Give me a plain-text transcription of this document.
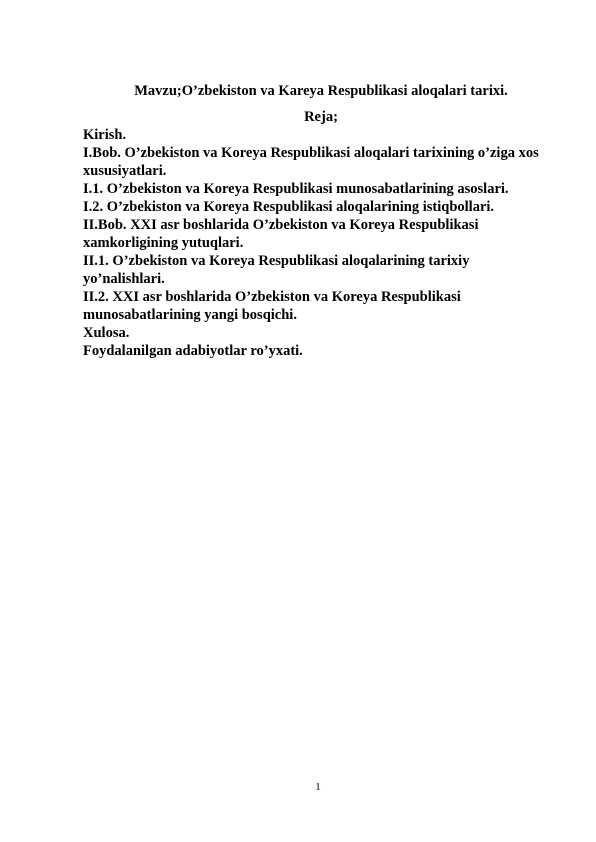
Mavzu;O’zbekiston va Kareya Respublikasi aloqalari tarixi.
Reja;
Kirish.
I.Bob. O’zbekiston va Koreya Respublikasi aloqalari tarixining o’ziga xos xususiyatlari.
I.1. O’zbekiston va Koreya Respublikasi munosabatlarining asoslari.
I.2. O’zbekiston va Koreya Respublikasi aloqalarining istiqbollari.
II.Bob. XXI asr boshlarida O’zbekiston va Koreya Respublikasi xamkorligining yutuqlari.
II.1. O’zbekiston va Koreya Respublikasi aloqalarining tarixiy yo’nalishlari.
II.2. XXI asr boshlarida O’zbekiston va Koreya Respublikasi munosabatlarining yangi bosqichi.
Xulosa.
Foydalanilgan adabiyotlar ro’yxati.
1
